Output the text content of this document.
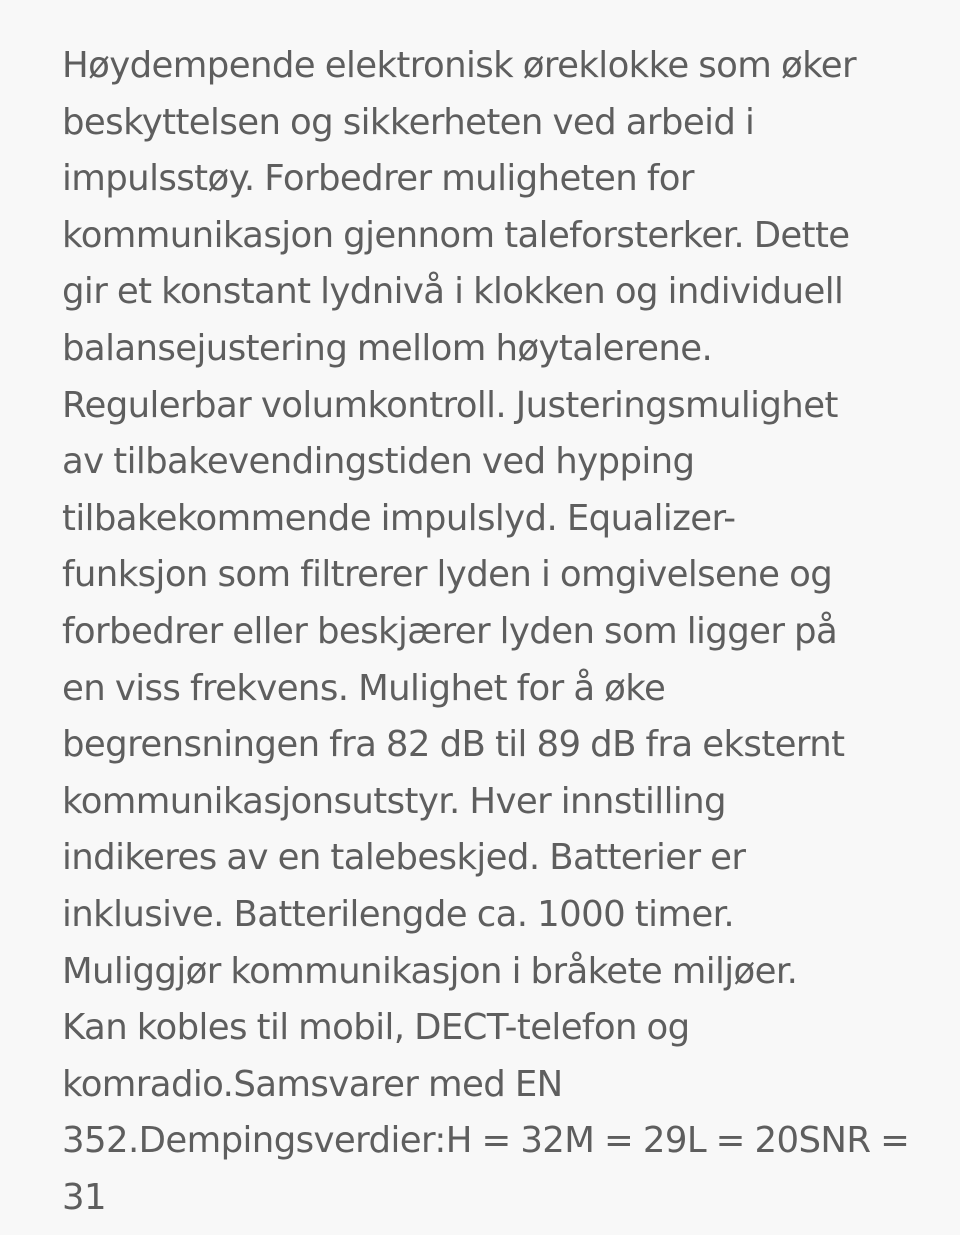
Høydempende elektronisk øreklokke som øker
beskyttelsen og sikkerheten ved arbeid i
impulsstøy. Forbedrer muligheten for
kommunikasjon gjennom taleforsterker. Dette
gir et konstant lydnivå i klokken og individuell
balansejustering mellom høytalerene.
Regulerbar volumkontroll. Justeringsmulighet
av tilbakevendingstiden ved hypping
tilbakekommende impulslyd. Equalizer-
funksjon som filtrerer lyden i omgivelsene og
forbedrer eller beskjærer lyden som ligger på
en viss frekvens. Mulighet for å øke
begrensningen fra 82 dB til 89 dB fra eksternt
kommunikasjonsutstyr. Hver innstilling
indikeres av en talebeskjed. Batterier er
inklusive. Batterilengde ca. 1000 timer.
Muliggjør kommunikasjon i bråkete miljøer.
Kan kobles til mobil, DECT-telefon og
komradio.Samsvarer med EN
352.Dempingsverdier:H = 32M = 29L = 20SNR =
31
